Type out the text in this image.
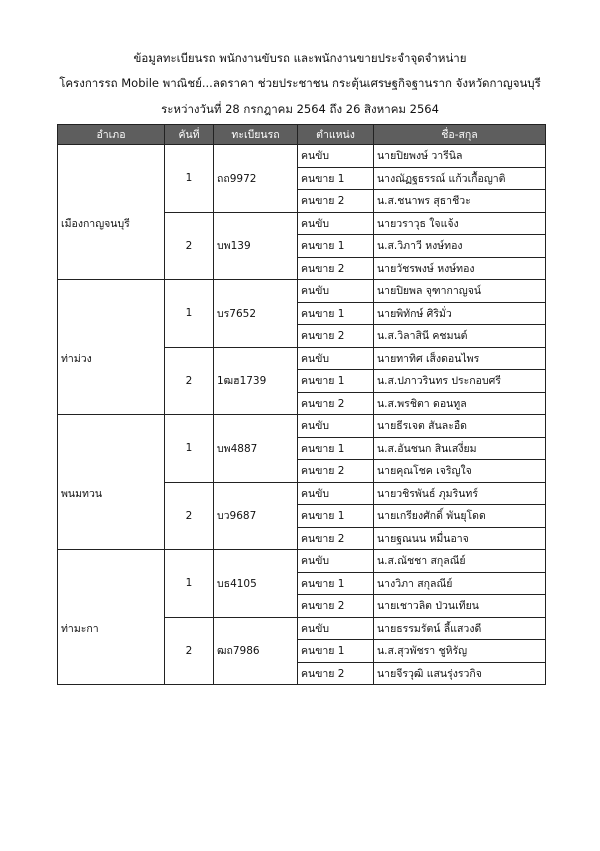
ข้อมูลทะเบียนรถ พนักงานขับรถ และพนักงานขายประจำจุดจำหน่าย
โครงการรถ Mobile พาณิชย์...ลดราคา ช่วยประชาชน กระตุ้นเศรษฐกิจฐานราก จังหวัดกาญจนบุรี
ระหว่างวันที่ 28 กรกฎาคม 2564 ถึง 26 สิงหาคม 2564
อำเภอ	คันที่	ทะเบียนรถ	ตำแหน่ง	ชื่อ-สกุล

เมืองกาญจนบุรี	1	ถถ9972	คนขับ	นายปิยพงษ์ วารีนิล
			คนขาย 1	นางณัฏฐธรรณ์ แก้วเกื้อญาติ
			คนขาย 2	น.ส.ชนาพร สุธาชีวะ
	2	บพ139	คนขับ	นายวราวุธ ใจแจ้ง
			คนขาย 1	น.ส.วิภาวี หงษ์ทอง
			คนขาย 2	นายวัชรพงษ์ หงษ์ทอง

ท่าม่วง	1	บร7652	คนขับ	นายปิยพล จุฑากาญจน์
			คนขาย 1	นายพิทักษ์ ศิริมั่ว
			คนขาย 2	น.ส.วิลาสินี คชมนต์
	2	1ฒฮ1739	คนขับ	นายทาทิศ เส็งดอนไพร
			คนขาย 1	น.ส.ปภาวรินทร ประกอบศรี
			คนขาย 2	น.ส.พรชิตา ดอนทูล

พนมทวน	1	บพ4887	คนขับ	นายธีรเจต สันละอืด
			คนขาย 1	น.ส.อันชนก สินเสงี่ยม
			คนขาย 2	นายคุณโชค เจริญใจ
	2	บว9687	คนขับ	นายวชิรพันธ์ ภุมรินทร์
			คนขาย 1	นายเกรียงศักดิ์ พันยุโดด
			คนขาย 2	นายฐณนน หมื่นอาจ

ท่ามะกา	1	บธ4105	คนขับ	น.ส.ณัชชา สกุลณีย์
			คนขาย 1	นางวิภา สกุลณีย์
			คนขาย 2	นายเชาวลิต ป่วนเทียน
	2	ฒถ7986	คนขับ	นายธรรมรัตน์ ลี้แสวงดี
			คนขาย 1	น.ส.สุวพัชรา ชูหิรัญ
			คนขาย 2	นายจีรวุฒิ แสนรุ่งรวกิจ
